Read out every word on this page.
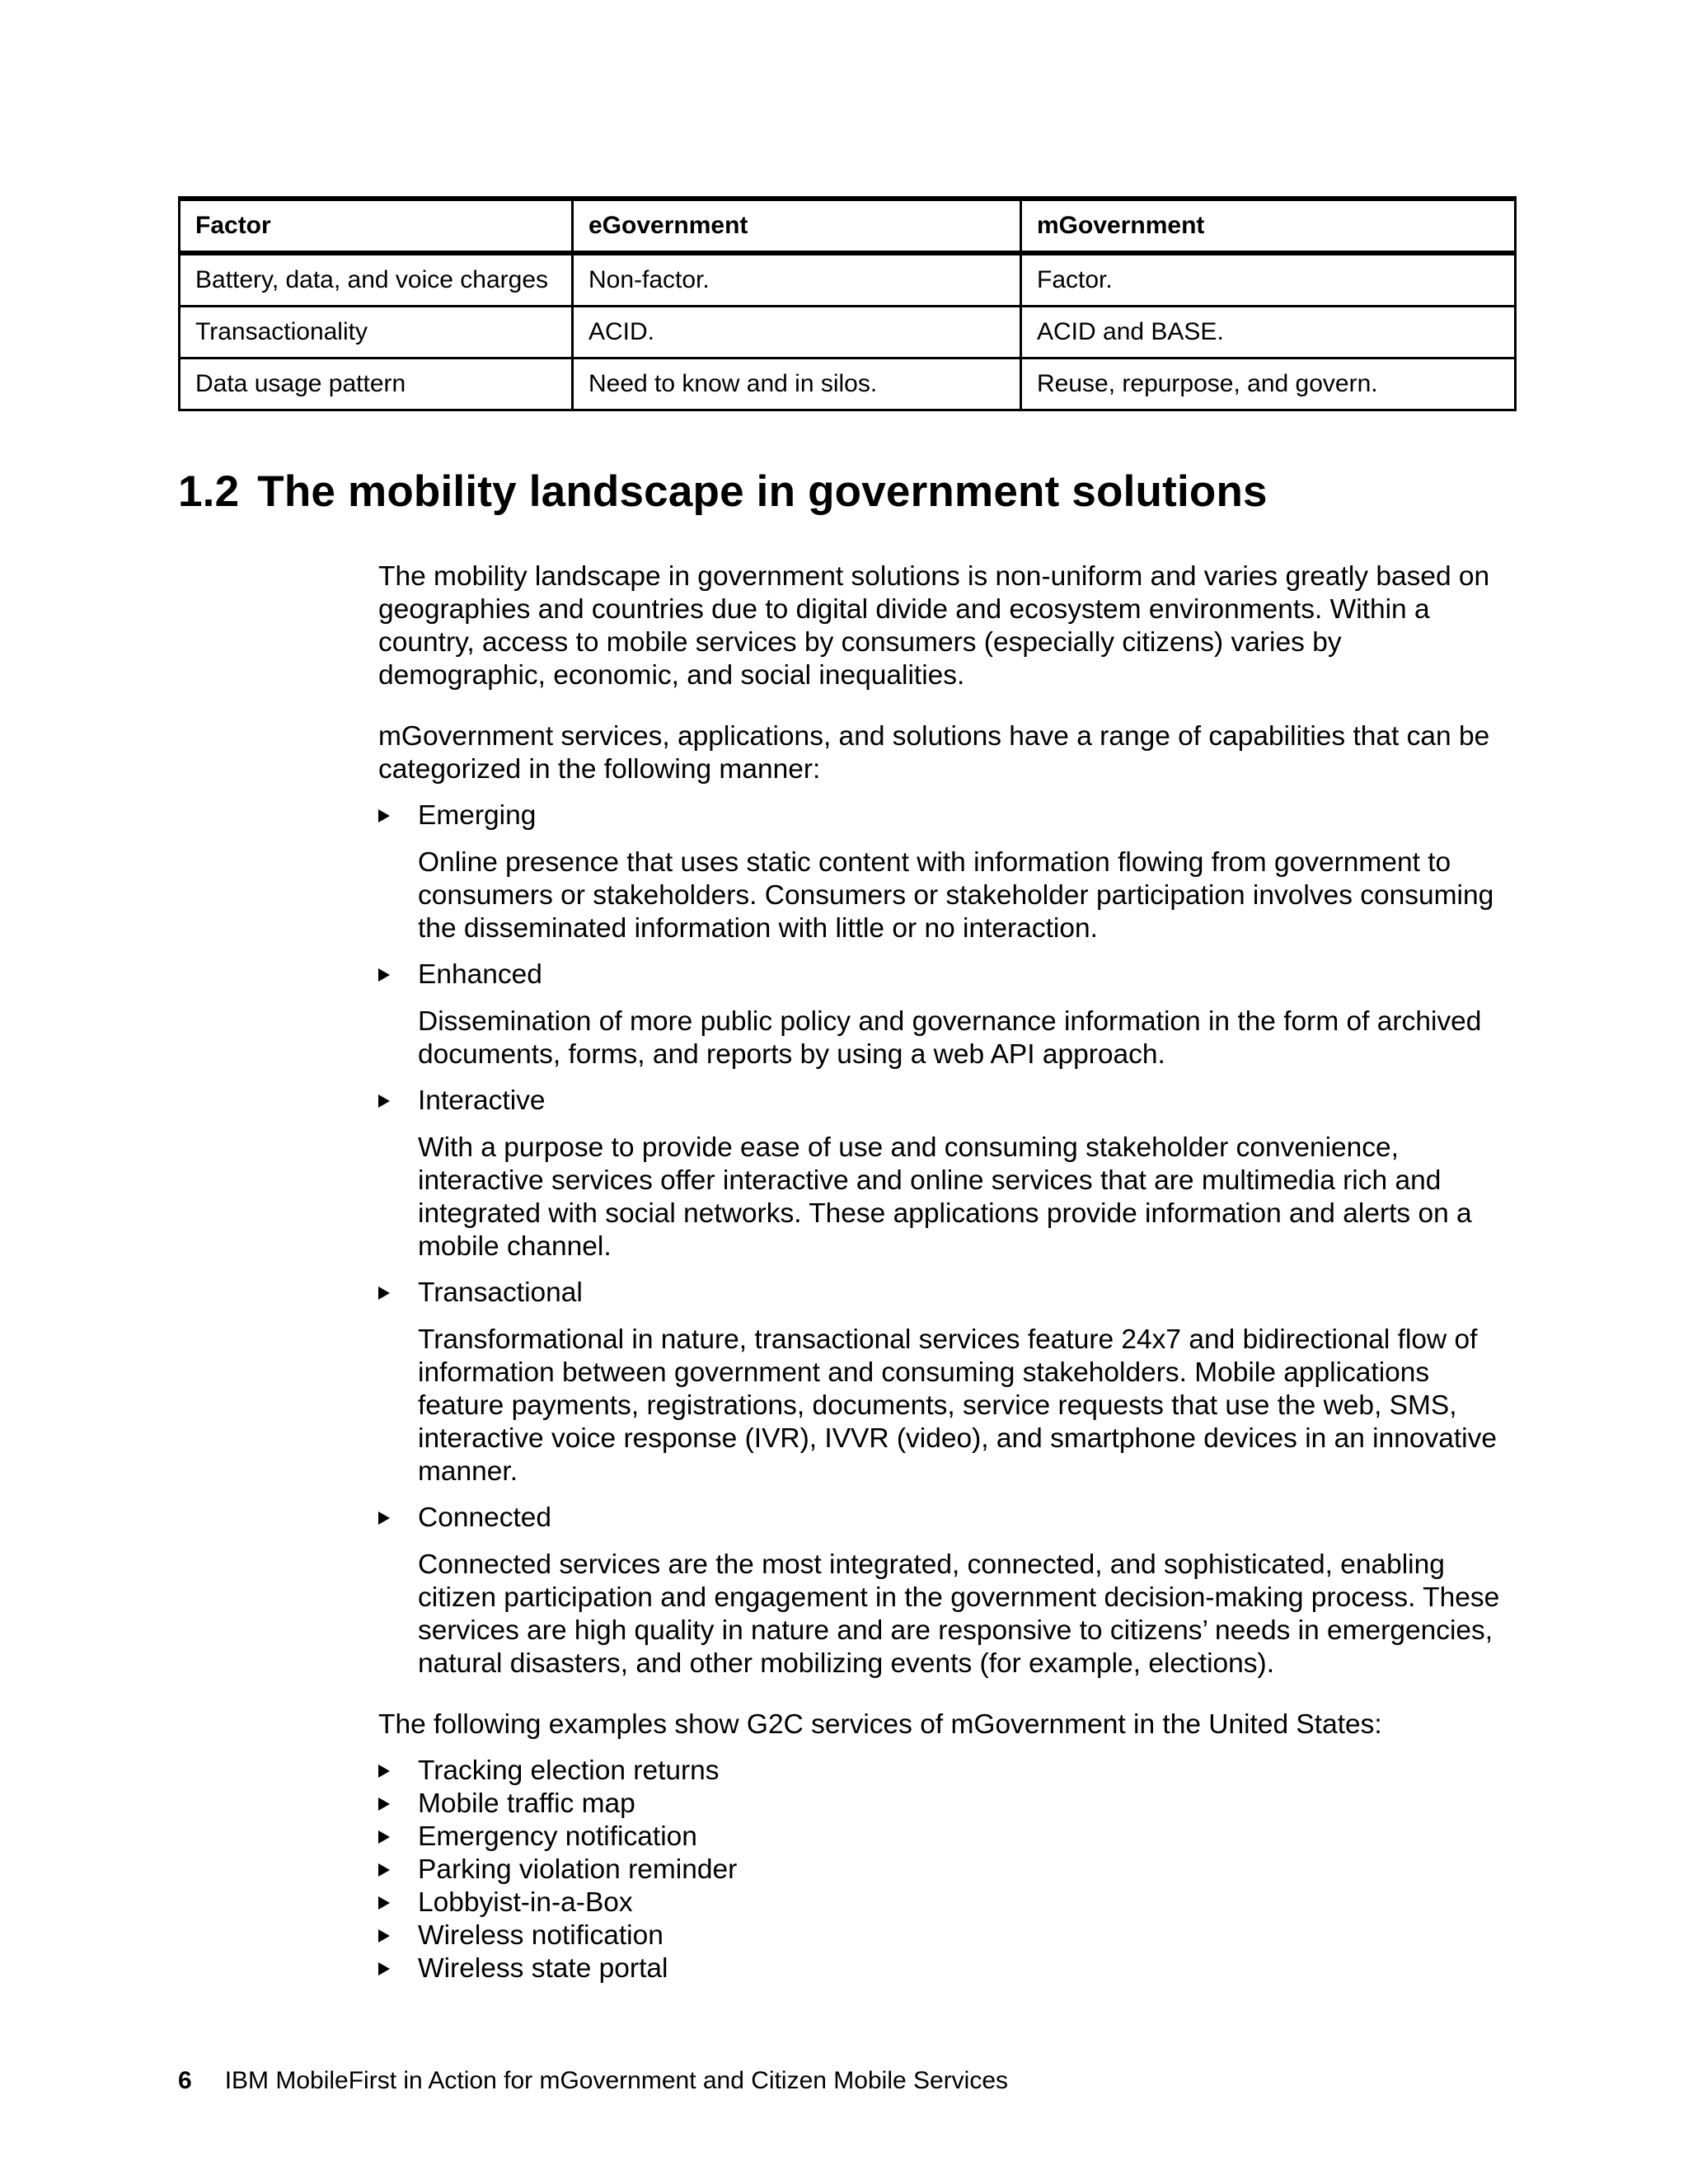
Factor	eGovernment	mGovernment
Battery, data, and voice charges	Non-factor.	Factor.
Transactionality	ACID.	ACID and BASE.
Data usage pattern	Need to know and in silos.	Reuse, repurpose, and govern.
1.2 The mobility landscape in government solutions

The mobility landscape in government solutions is non-uniform and varies greatly based on geographies and countries due to digital divide and ecosystem environments. Within a country, access to mobile services by consumers (especially citizens) varies by demographic, economic, and social inequalities.

mGovernment services, applications, and solutions have a range of capabilities that can be categorized in the following manner:

Emerging

Online presence that uses static content with information flowing from government to consumers or stakeholders. Consumers or stakeholder participation involves consuming the disseminated information with little or no interaction.

Enhanced

Dissemination of more public policy and governance information in the form of archived documents, forms, and reports by using a web API approach.

Interactive

With a purpose to provide ease of use and consuming stakeholder convenience, interactive services offer interactive and online services that are multimedia rich and integrated with social networks. These applications provide information and alerts on a mobile channel.

Transactional

Transformational in nature, transactional services feature 24x7 and bidirectional flow of information between government and consuming stakeholders. Mobile applications feature payments, registrations, documents, service requests that use the web, SMS, interactive voice response (IVR), IVVR (video), and smartphone devices in an innovative manner.

Connected

Connected services are the most integrated, connected, and sophisticated, enabling citizen participation and engagement in the government decision-making process. These services are high quality in nature and are responsive to citizens’ needs in emergencies, natural disasters, and other mobilizing events (for example, elections).

The following examples show G2C services of mGovernment in the United States:

Tracking election returns
Mobile traffic map
Emergency notification
Parking violation reminder
Lobbyist-in-a-Box
Wireless notification
Wireless state portal
6 IBM MobileFirst in Action for mGovernment and Citizen Mobile Services
